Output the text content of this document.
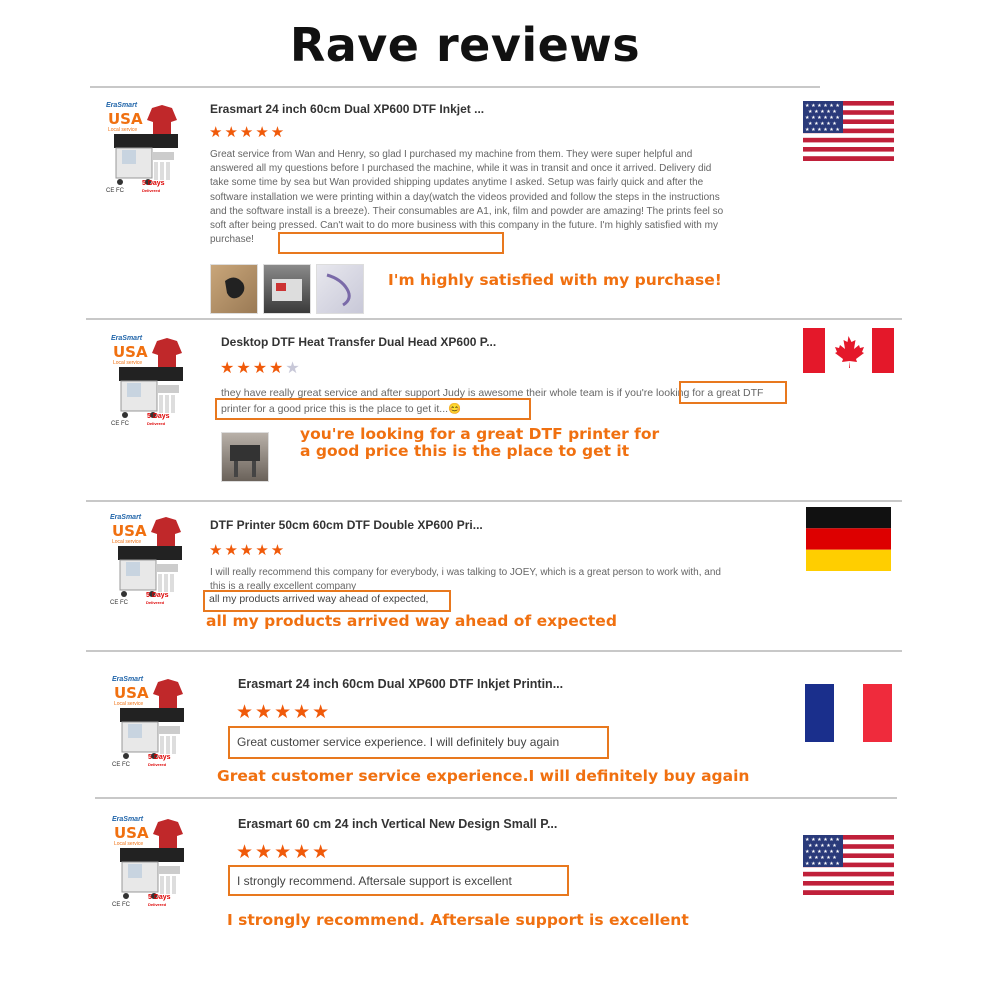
Rave reviews
EraSmart
USA
Local service
5 Days
Delivered
CE FC
Erasmart 24 inch 60cm Dual XP600 DTF Inkjet ...
★★★★★
Great service from Wan and Henry, so glad I purchased my machine from them. They were super helpful and answered all my questions before I purchased the machine, while it was in transit and once it arrived. Delivery did take some time by sea but Wan provided shipping updates anytime I asked. Setup was fairly quick and after the software installation we were printing within a day(watch the videos provided and follow the steps in the instructions and the software install is a breeze). Their consumables are A1, ink, film and powder are amazing! The prints feel so soft after being pressed. Can't wait to do more business with this company in the future. I'm highly satisfied with my purchase!
I'm highly satisfied with my purchase!
★ ★ ★ ★ ★ ★
★ ★ ★ ★ ★
★ ★ ★ ★ ★ ★
★ ★ ★ ★ ★
★ ★ ★ ★ ★ ★
EraSmart
USA
Local service
5 Days
Delivered
CE FC
Desktop DTF Heat Transfer Dual Head XP600 P...
★★★★★
they have really great service and after support Judy is awesome their whole team is if you're looking for a great DTF printer for a good price this is the place to get it...😊
you're looking for a great DTF printer for
a good price this is the place to get it
EraSmart
USA
Local service
5 Days
Delivered
CE FC
DTF Printer 50cm 60cm DTF Double XP600 Pri...
★★★★★
I will really recommend this company for everybody, i was talking to JOEY, which is a great person to work with, and this is a really excellent company
all my products arrived way ahead of expected,
all my products arrived way ahead of expected
EraSmart
USA
Local service
5 Days
Delivered
CE FC
Erasmart 24 inch 60cm Dual XP600 DTF Inkjet Printin...
★★★★★
Great customer service experience. I will definitely buy again
Great customer service experience.I will definitely buy again
EraSmart
USA
Local service
5 Days
Delivered
CE FC
Erasmart 60 cm 24 inch Vertical New Design Small P...
★★★★★
I strongly recommend. Aftersale support is excellent
I strongly recommend. Aftersale support is excellent
★ ★ ★ ★ ★ ★
★ ★ ★ ★ ★
★ ★ ★ ★ ★ ★
★ ★ ★ ★ ★
★ ★ ★ ★ ★ ★
